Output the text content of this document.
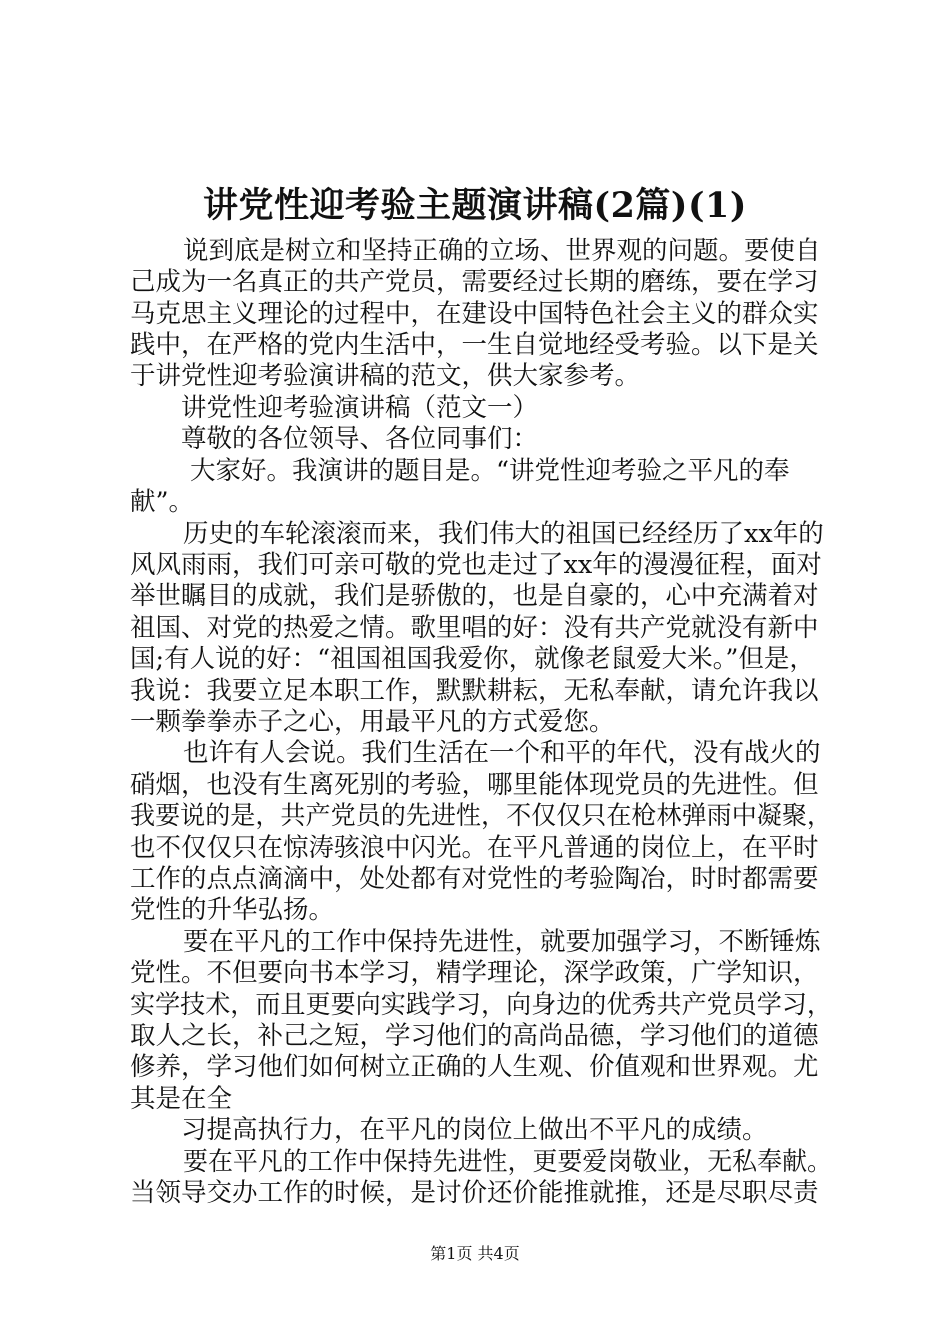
讲党性迎考验主题演讲稿(2篇)(1)
说到底是树立和坚持正确的立场、世界观的问题。要使自
己成为一名真正的共产党员，需要经过长期的磨练，要在学习
马克思主义理论的过程中，在建设中国特色社会主义的群众实
践中，在严格的党内生活中，一生自觉地经受考验。以下是关
于讲党性迎考验演讲稿的范文，供大家参考。
讲党性迎考验演讲稿（范文一）
尊敬的各位领导、各位同事们：
大家好。我演讲的题目是。“讲党性迎考验之平凡的奉
献”。
历史的车轮滚滚而来，我们伟大的祖国已经经历了xx年的
风风雨雨，我们可亲可敬的党也走过了xx年的漫漫征程，面对
举世瞩目的成就，我们是骄傲的，也是自豪的，心中充满着对
祖国、对党的热爱之情。歌里唱的好：没有共产党就没有新中
国;有人说的好：“祖国祖国我爱你，就像老鼠爱大米。”但是，
我说：我要立足本职工作，默默耕耘，无私奉献，请允许我以
一颗拳拳赤子之心，用最平凡的方式爱您。
也许有人会说。我们生活在一个和平的年代，没有战火的
硝烟，也没有生离死别的考验，哪里能体现党员的先进性。但
我要说的是，共产党员的先进性，不仅仅只在枪林弹雨中凝聚，
也不仅仅只在惊涛骇浪中闪光。在平凡普通的岗位上，在平时
工作的点点滴滴中，处处都有对党性的考验陶冶，时时都需要
党性的升华弘扬。
要在平凡的工作中保持先进性，就要加强学习，不断锤炼
党性。不但要向书本学习，精学理论，深学政策，广学知识，
实学技术，而且更要向实践学习，向身边的优秀共产党员学习，
取人之长，补己之短，学习他们的高尚品德，学习他们的道德
修养，学习他们如何树立正确的人生观、价值观和世界观。尤
其是在全
习提高执行力，在平凡的岗位上做出不平凡的成绩。
要在平凡的工作中保持先进性，更要爱岗敬业，无私奉献。
当领导交办工作的时候，是讨价还价能推就推，还是尽职尽责
第1页 共4页
